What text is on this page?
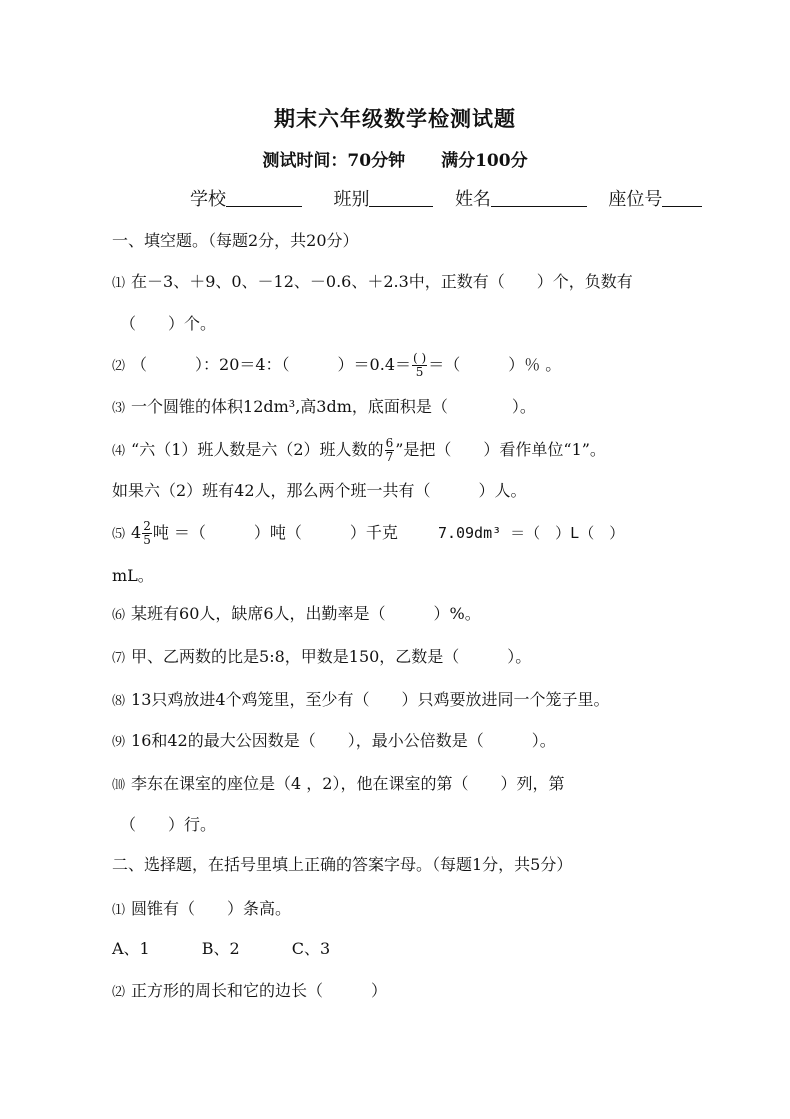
期末六年级数学检测试题
测试时间：70分钟 满分100分
学校	班别	姓名	座位号
一、填空题。（每题2分，共20分）
⑴ 在－3、＋9、0、－12、－0.6、＋2.3中，正数有（　　）个，负数有
（　　）个。
⑵ （　　　）：20＝4：（　　　）$=0.4= \frac{( )}{5}$ ＝（　　　）％ 。
⑶ 一个圆锥的体积12dm³,高3dm，底面积是（　　　　）。
⑷ “六（1）班人数是六（2）班人数的 $\frac{6}{7}$ ”是把（　　）看作单位“1”。
如果六（2）班有42人，那么两个班一共有（　　　）人。
⑸ $4 \frac{2}{5}$ 吨 ＝（　　　）吨（　　　）千克	7.09dm³ ＝（　）L（　）
mL。
⑹ 某班有60人，缺席6人，出勤率是（　　　）%。
⑺ 甲、乙两数的比是5:8，甲数是150，乙数是（　　　）。
⑻ 13只鸡放进4个鸡笼里，至少有（　　）只鸡要放进同一个笼子里。
⑼ 16和42的最大公因数是（　　），最小公倍数是（　　　）。
⑽ 李东在课室的座位是（4 ，2），他在课室的第（　　）列，第
（　　）行。
二、选择题，在括号里填上正确的答案字母。（每题1分，共5分）
⑴ 圆锥有（　　）条高。
A、1	B、2	C、3
⑵ 正方形的周长和它的边长（　　　）
